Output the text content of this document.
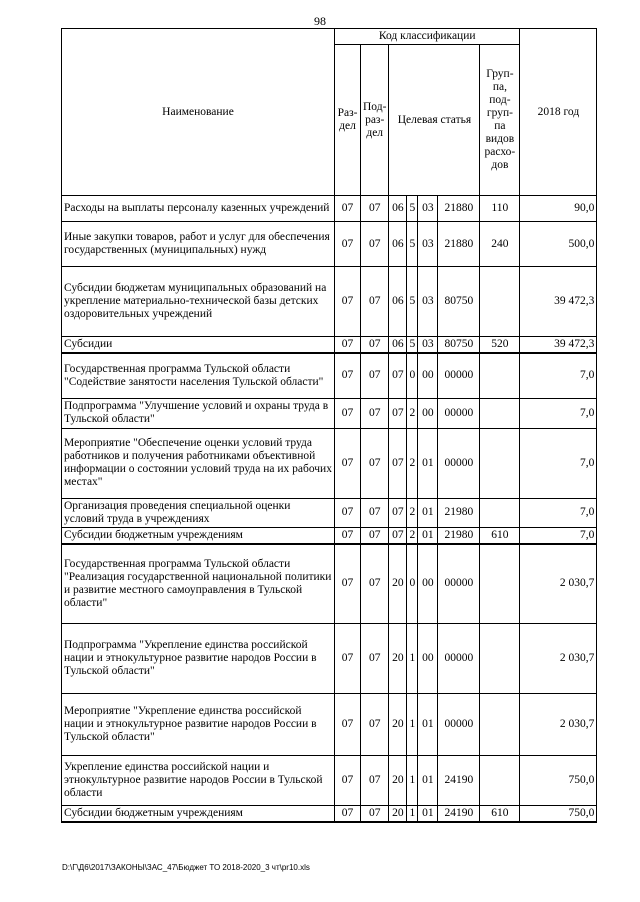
98
Наименование	Код классификации							2018 год
	Раз-дел	Под-раз-дел	Целевая статья				Груп-па, под-груп-па видов расхо-дов	
Расходы на выплаты персоналу казенных учреждений	07	07	06	5	03	21880	110	90,0
Иные закупки товаров, работ и услуг для обеспечения государственных (муниципальных) нужд	07	07	06	5	03	21880	240	500,0
Субсидии бюджетам муниципальных образований на укрепление материально-технической базы детских оздоровительных учреждений	07	07	06	5	03	80750		39 472,3
Субсидии	07	07	06	5	03	80750	520	39 472,3
Государственная программа Тульской области "Содействие занятости населения Тульской области"	07	07	07	0	00	00000		7,0
Подпрограмма "Улучшение условий и охраны труда в Тульской области"	07	07	07	2	00	00000		7,0
Мероприятие "Обеспечение оценки условий труда работников и получения работниками объективной информации о состоянии условий труда на их рабочих местах"	07	07	07	2	01	00000		7,0
Организация проведения специальной оценки условий труда в учреждениях	07	07	07	2	01	21980		7,0
Субсидии бюджетным учреждениям	07	07	07	2	01	21980	610	7,0
Государственная программа Тульской области "Реализация государственной национальной политики и развитие местного самоуправления в Тульской области"	07	07	20	0	00	00000		2 030,7
Подпрограмма "Укрепление единства российской нации и этнокультурное развитие народов России в Тульской области"	07	07	20	1	00	00000		2 030,7
Мероприятие "Укрепление единства российской нации и этнокультурное развитие народов России в Тульской области"	07	07	20	1	01	00000		2 030,7
Укрепление единства российской нации и этнокультурное развитие народов России в Тульской области	07	07	20	1	01	24190		750,0
Субсидии бюджетным учреждениям	07	07	20	1	01	24190	610	750,0
D:\Г\Д6\2017\ЗАКОНЫ\ЗАС_47\Бюджет ТО 2018-2020_3 чт\pr10.xls
